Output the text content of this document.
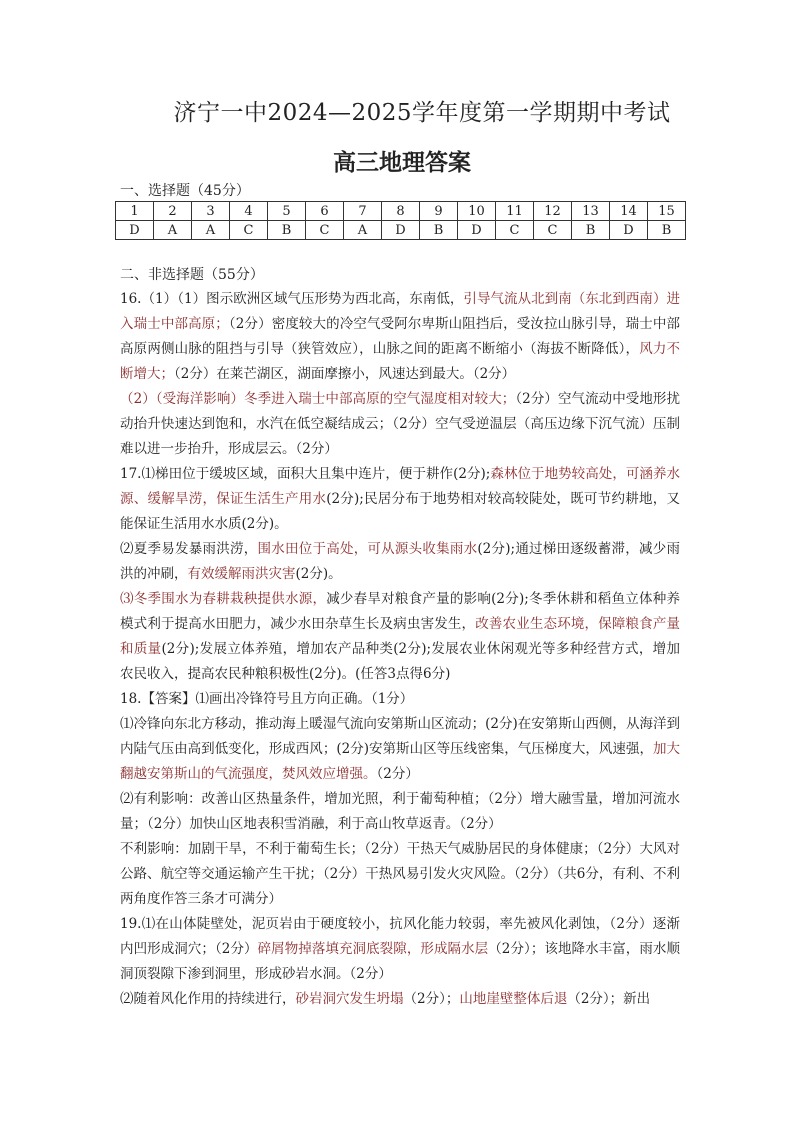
济宁一中2024—2025学年度第一学期期中考试
高三地理答案
一、选择题（45分）
1	2	3	4	5	6	7	8	9	10	11	12	13	14	15
D	A	A	C	B	C	A	D	B	D	C	C	B	D	B
二、非选择题（55分）

16.（1）（1）图示欧洲区域气压形势为西北高，东南低，引导气流从北到南（东北到西南）进入瑞士中部高原；（2分）密度较大的冷空气受阿尔卑斯山阻挡后，受汝拉山脉引导，瑞士中部高原两侧山脉的阻挡与引导（狭管效应），山脉之间的距离不断缩小（海拔不断降低），风力不断增大；（2分）在莱芒湖区，湖面摩擦小，风速达到最大。（2分）

（2）（受海洋影响）冬季进入瑞士中部高原的空气湿度相对较大；（2分）空气流动中受地形扰动抬升快速达到饱和，水汽在低空凝结成云；（2分）空气受逆温层（高压边缘下沉气流）压制难以进一步抬升，形成层云。（2分）

17.⑴梯田位于缓坡区域，面积大且集中连片，便于耕作(2分);森林位于地势较高处，可涵养水源、缓解旱涝，保证生活生产用水(2分);民居分布于地势相对较高较陡处，既可节约耕地，又能保证生活用水水质(2分)。

⑵夏季易发暴雨洪涝，围水田位于高处，可从源头收集雨水(2分);通过梯田逐级蓄滞，减少雨洪的冲刷，有效缓解雨洪灾害(2分)。

⑶冬季围水为春耕栽秧提供水源，减少春旱对粮食产量的影响(2分);冬季休耕和稻鱼立体种养模式利于提高水田肥力，减少水田杂草生长及病虫害发生，改善农业生态环境，保障粮食产量和质量(2分);发展立体养殖，增加农产品种类(2分);发展农业休闲观光等多种经营方式，增加农民收入，提高农民种粮积极性(2分)。(任答3点得6分)

18.【答案】⑴画出冷锋符号且方向正确。（1分）

⑴冷锋向东北方移动，推动海上暖湿气流向安第斯山区流动；(2分)在安第斯山西侧，从海洋到内陆气压由高到低变化，形成西风；(2分)安第斯山区等压线密集，气压梯度大，风速强，加大翻越安第斯山的气流强度，焚风效应增强。（2分）

⑵有利影响：改善山区热量条件，增加光照，利于葡萄种植；（2分）增大融雪量，增加河流水量；（2分）加快山区地表积雪消融，利于高山牧草返青。（2分）

不利影响：加剧干旱，不利于葡萄生长；（2分）干热天气威胁居民的身体健康；（2分）大风对公路、航空等交通运输产生干扰；（2分）干热风易引发火灾风险。（2分）（共6分，有利、不利两角度作答三条才可满分）

19.⑴在山体陡壁处，泥页岩由于硬度较小，抗风化能力较弱，率先被风化剥蚀，（2分）逐渐内凹形成洞穴；（2分）碎屑物掉落填充洞底裂隙，形成隔水层（2分）；该地降水丰富，雨水顺洞顶裂隙下渗到洞里，形成砂岩水洞。（2分）

⑵随着风化作用的持续进行，砂岩洞穴发生坍塌（2分）；山地崖壁整体后退（2分）；新出
